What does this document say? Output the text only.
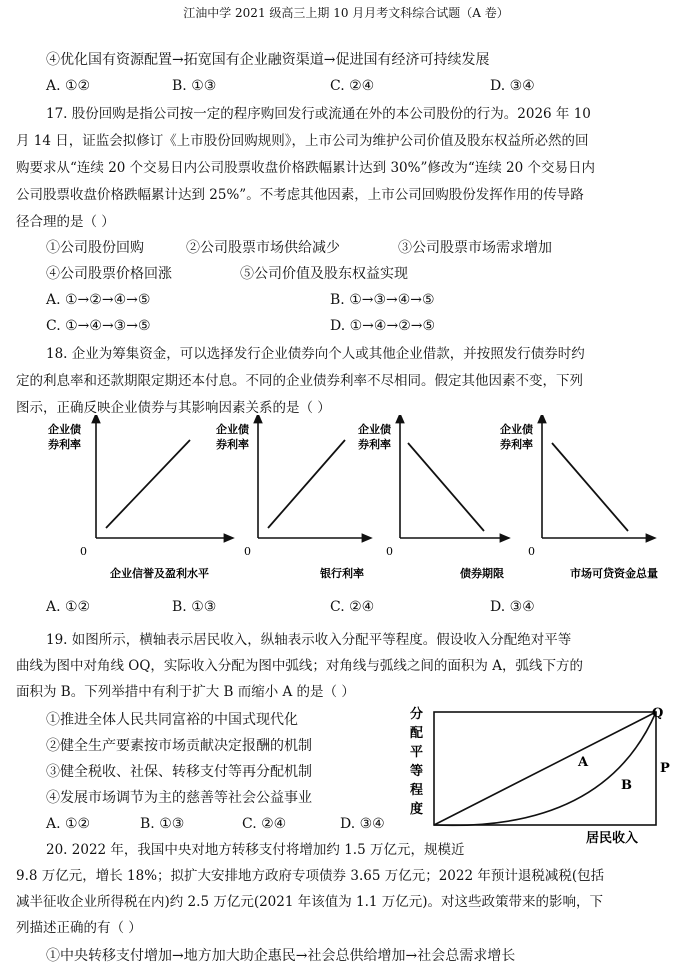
江油中学 2021 级高三上期 10 月月考文科综合试题（A 卷）
④优化国有资源配置→拓宽国有企业融资渠道→促进国有经济可持续发展
A. ①②	B. ①③	C. ②④	D. ③④
17. 股份回购是指公司按一定的程序购回发行或流通在外的本公司股份的行为。2026 年 10
月 14 日，证监会拟修订《上市股份回购规则》，上市公司为维护公司价值及股东权益所必然的回
购要求从“连续 20 个交易日内公司股票收盘价格跌幅累计达到 30%”修改为“连续 20 个交易日内
公司股票收盘价格跌幅累计达到 25%”。不考虑其他因素，上市公司回购股份发挥作用的传导路
径合理的是（ ）
①公司股份回购	②公司股票市场供给减少	③公司股票市场需求增加
④公司股票价格回涨	⑤公司价值及股东权益实现
A. ①→②→④→⑤	B. ①→③→④→⑤
C. ①→④→③→⑤	D. ①→④→②→⑤
18. 企业为筹集资金，可以选择发行企业债券向个人或其他企业借款，并按照发行债券时约
定的利息率和还款期限定期还本付息。不同的企业债券利率不尽相同。假定其他因素不变，下列
图示，正确反映企业债券与其影响因素关系的是（ ）
企业债
券利率
0
企业信誉及盈利水平
企业债
券利率
0
银行利率
企业债
券利率
0
债券期限
企业债
券利率
0
市场可贷资金总量
A. ①②	B. ①③	C. ②④	D. ③④
19. 如图所示，横轴表示居民收入，纵轴表示收入分配平等程度。假设收入分配绝对平等
曲线为图中对角线 OQ，实际收入分配为图中弧线；对角线与弧线之间的面积为 A，弧线下方的
面积为 B。下列举措中有利于扩大 B 而缩小 A 的是（ ）
①推进全体人民共同富裕的中国式现代化
②健全生产要素按市场贡献决定报酬的机制
③健全税收、社保、转移支付等再分配机制
④发展市场调节为主的慈善等社会公益事业
A. ①②	B. ①③	C. ②④	D. ③④
分
配
平
等
程
度
Q
A
B
P
居民收入
20. 2022 年，我国中央对地方转移支付将增加约 1.5 万亿元，规模近
9.8 万亿元，增长 18%；拟扩大安排地方政府专项债券 3.65 万亿元；2022 年预计退税减税(包括
减半征收企业所得税在内)约 2.5 万亿元(2021 年该值为 1.1 万亿元)。对这些政策带来的影响，下
列描述正确的有（ ）
①中央转移支付增加→地方加大助企惠民→社会总供给增加→社会总需求增长
